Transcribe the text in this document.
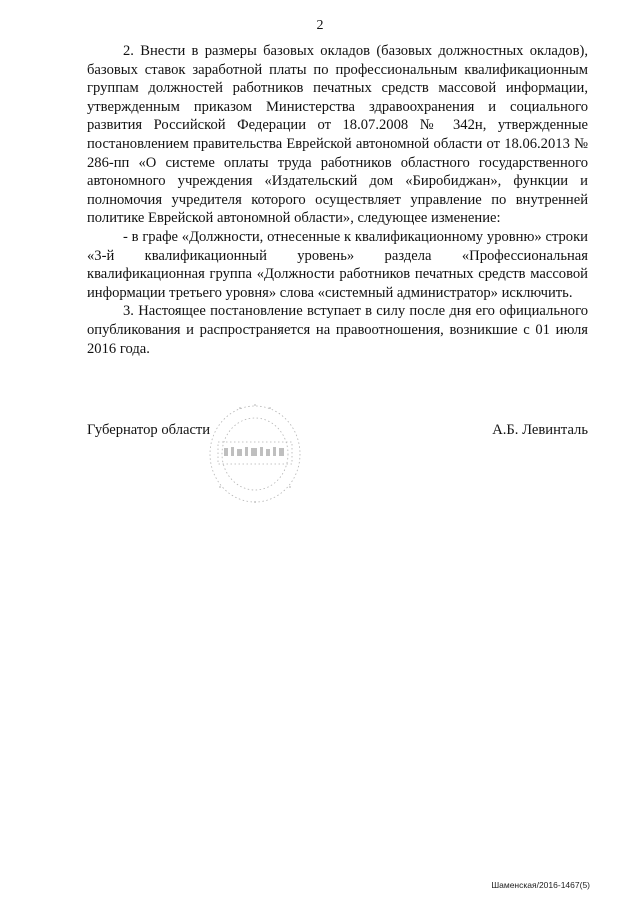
2

2. Внести в размеры базовых окладов (базовых должностных окладов), базовых ставок заработной платы по профессиональным квалификационным группам должностей работников печатных средств массовой информации, утвержденным приказом Министерства здравоохранения и социального развития Российской Федерации от 18.07.2008 № 342н, утвержденные постановлением правительства Еврейской автономной области от 18.06.2013 № 286-пп «О системе оплаты труда работников областного государственного автономного учреждения «Издательский дом «Биробиджан», функции и полномочия учредителя которого осуществляет управление по внутренней политике Еврейской автономной области», следующее изменение:

- в графе «Должности, отнесенные к квалификационному уровню» строки «3-й квалификационный уровень» раздела «Профессиональная квалификационная группа «Должности работников печатных средств массовой информации третьего уровня» слова «системный администратор» исключить.

3. Настоящее постановление вступает в силу после дня его официального опубликования и распространяется на правоотношения, возникшие с 01 июля 2016 года.

Губернатор области	А.Б. Левинталь
Шаменская/2016-1467(5)
